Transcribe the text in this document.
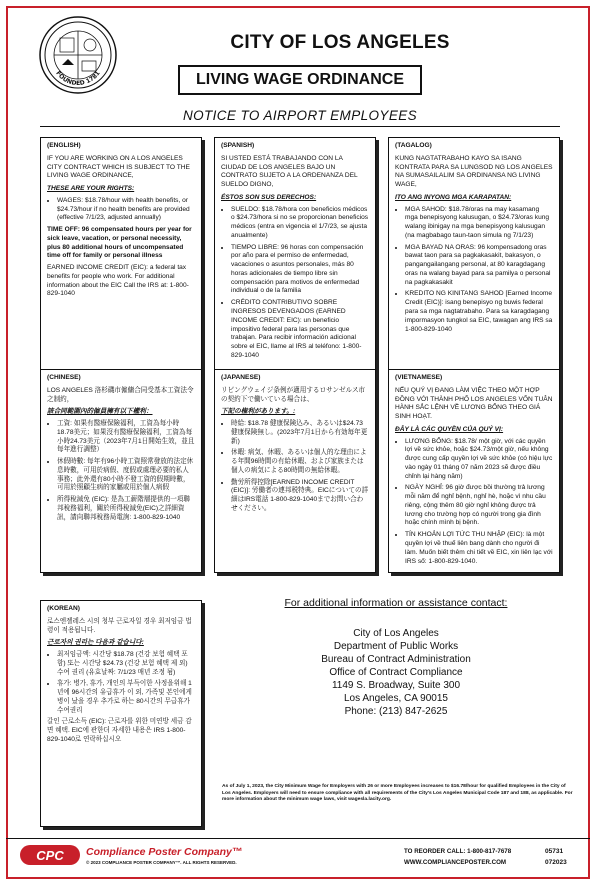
FOUNDED 1781
CITY OF LOS ANGELES
LIVING WAGE ORDINANCE
NOTICE TO AIRPORT EMPLOYEES
(ENGLISH)
IF YOU ARE WORKING ON A LOS ANGELES CITY CONTRACT WHICH IS SUBJECT TO THE LIVING WAGE ORDINANCE,
THESE ARE YOUR RIGHTS:
• WAGES: $18.78/hour with health benefits, or $24.73/hour if no health benefits are provided (effective 7/1/23, adjusted annually)

TIME OFF: 96 compensated hours per year for sick leave, vacation, or personal necessity, plus 80 additional hours of uncompensated time off for family or personal illness

EARNED INCOME CREDIT (EIC): a federal tax benefits for people who work. For additional information about the EIC Call the IRS at: 1-800-829-1040

(SPANISH)
SI USTED ESTÁ TRABAJANDO CON LA CIUDAD DE LOS ANGELES BAJO UN CONTRATO SUJETO A LA ORDENANZA DEL SUELDO DIGNO,
ÉSTOS SON SUS DERECHOS:
• SUELDO: $18.78/hora con beneficios médicos o $24.73/hora si no se proporcionan beneficios médicos (entra en vigencia el 1/7/23, se ajusta anualmente)
• TIEMPO LIBRE: 96 horas con compensación por año para el permiso de enfermedad, vacaciones o asuntos personales, más 80 horas adicionales de tiempo libre sin compensación para motivos de enfermedad individual o de la familia
• CRÉDITO CONTRIBUTIVO SOBRE INGRESOS DEVENGADOS (EARNED INCOME CREDIT: EIC): un beneficio impositivo federal para las personas que trabajan. Para recibir información adicional sobre el EIC, llame al IRS al teléfono: 1-800-829-1040
(TAGALOG)
KUNG NAGTATRABAHO KAYO SA ISANG KONTRATA PARA SA LUNGSOD NG LOS ANGELES NA SUMASAILALIM SA ORDINANSA NG LIVING WAGE,
ITO ANG INYONG MGA KARAPATAN:
• MGA SAHOD: $18.78/oras na may kasamang mga benepisyong kalusugan, o $24.73/oras kung walang ibinigay na mga benepisyong kalusugan (na magbabago taun-taon simula ng 7/1/23)
• MGA BAYAD NA ORAS: 96 kompensadong oras bawat taon para sa pagkakasakit, bakasyon, o pangangailangang personal, at 80 karagdagang oras na walang bayad para sa pamilya o personal na pagkakasakit
• KREDITO NG KINITANG SAHOD [Earned Income Credit (EIC)]: isang benepisyo ng buwis federal para sa mga nagtatrabaho. Para sa karagdagang impormasyon tungkol sa EIC, tawagan ang IRS sa 1-800-829-1040
(CHINESE)
LOS ANGELES 洛杉磯市僱傭合同受基本工資法令之制約，
該合同範圍內的僱員擁有以下權利：
• 工資: 如果有醫療保險福利，工資為每小時18.78美元；如果沒有醫療保險福利，工資為每小時24.73美元（2023年7月1日開始生效，並且每年進行調整）
• 休假時數: 每年有96小時工資照常發放的法定休息時數，可用於病假、度假或處理必要的私人事務；此外還有80小時不發工資的假期時數，可用於照顧生病的家屬或用於個人病假
• 所得稅減免 (EIC): 是為工薪階層提供的一項聯邦稅務福利，關於所得稅減免(EIC)之詳細資訊，請向聯邦稅務局電詢: 1-800-829-1040
(JAPANESE)
リビングウェイジ条例が適用するロサンゼルス市の契約下で働いている場合は、
下記の権利があります。:
• 時給: $18.78 健康保険込み、あるいは$24.73 健康保険無し。(2023年7月1日から有効毎年更新)
• 休暇: 病気、休暇、あるいは個人的な理由による年間96時間の有給休暇、および家族または個人の病気による80時間の無給休暇。
• 勤労所得控除[EARNED INCOME CREDIT (EIC)]: 労働者の連邦税特典。EICについての詳細はIRS電話 1-800-829-1040までお問い合わせください。
(VIETNAMESE)
NẾU QUÝ VỊ ĐANG LÀM VIỆC THEO MỘT HỢP ĐỒNG VỚI THÀNH PHỐ LOS ANGELES VỐN TUÂN HÀNH SẮC LỆNH VỀ LƯƠNG BỔNG THEO GIÁ SINH HOẠT.
ĐÂY LÀ CÁC QUYỀN CỦA QUÝ VỊ:
• LƯƠNG BỔNG: $18.78/ một giờ, với các quyền lợi về sức khỏe, hoặc $24.73/một giờ, nếu không được cung cấp quyền lợi về sức khỏe (có hiệu lực vào ngày 01 tháng 07 năm 2023 sẽ được điều chỉnh lại hàng năm)
• NGÀY NGHỈ: 96 giờ được bồi thường trả lương mỗi năm để nghỉ bệnh, nghỉ hè, hoặc vì nhu cầu riêng, cộng thêm 80 giờ nghỉ không được trả lương cho trường hợp có người trong gia đình hoặc chính mình bị bệnh.
• TÍN KHOẢN LỢI TỨC THU NHẬP (EIC): là một quyền lợi về thuế liên bang dành cho người đi làm. Muốn biết thêm chi tiết về EIC, xin liên lạc với IRS số: 1-800-829-1040.
(KOREAN)
로스엔젤레스 시의 청부 근로자일 경우 최저임금 법령이 적용됩니다.
근로자의 권리는 다음과 같습니다:
• 최저임금액: 시간당 $18.78 (건강 보험 혜택 포함) 또는 시간당 $24.73 (건강 보험 혜택 제 외) 수여 권리 (유효날짜: 7/1/23 매년 조정 됨)
• 휴가: 병가, 휴가, 개인의 부득이한 사정을위해 1년에 96시간의 유급휴가 이 외, 가족및 본인에게 병이 났을 경우 추가로 하는 80시간의 무급휴가 수여권리

갈인 근로소득 (EIC): 근로자를 위한 미연방 세금 감면 혜택. EIC에 관한더 자세한 내용은 IRS 1-800-829-1040로 연락하십시오

For additional information or assistance contact:
City of Los Angeles
Department of Public Works
Bureau of Contract Administration
Office of Contract Compliance
1149 S. Broadway, Suite 300
Los Angeles, CA 90015
Phone: (213) 847-2625
As of July 1, 2023, the City Minimum Wage for Employers with 26 or more Employees increases to $16.78/hour for qualified Employees in the City of Los Angeles. Employers will need to ensure compliance with all requirements of the City's Los Angeles Municipal Code 187 and 188, as applicable. For more information about the minimum wage laws, visit wagesla.lacity.org.
CPC Compliance Poster Company™
© 2023 COMPLIANCE POSTER COMPANY™. ALL RIGHTS RESERVED.
TO REORDER CALL: 1-800-817-7678
WWW.COMPLIANCEPOSTER.COM
05731
072023
